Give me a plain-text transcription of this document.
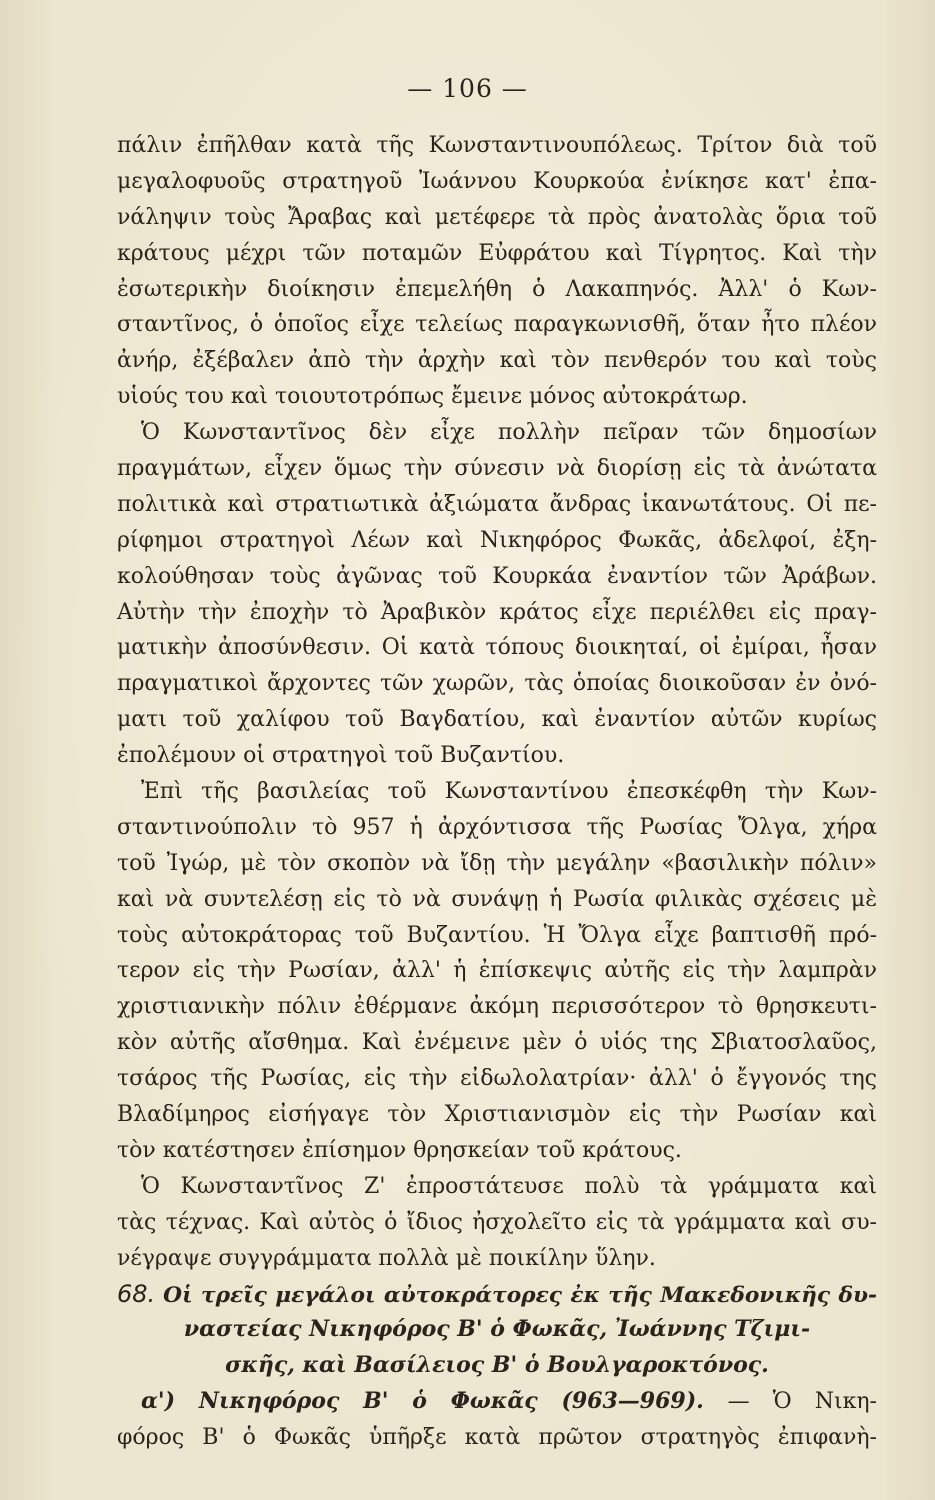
— 106 —
πάλιν ἐπῆλθαν κατὰ τῆς Κωνσταντινουπόλεως. Τρίτον διὰ τοῦ
μεγαλοφυοῦς στρατηγοῦ Ἰωάννου Κουρκούα ἐνίκησε κατ' ἐπα-
νάληψιν τοὺς Ἄραβας καὶ μετέφερε τὰ πρὸς ἀνατολὰς ὅρια τοῦ
κράτους μέχρι τῶν ποταμῶν Εὐφράτου καὶ Τίγρητος. Καὶ τὴν
ἐσωτερικὴν διοίκησιν ἐπεμελήθη ὁ Λακαπηνός. Ἀλλ' ὁ Κων-
σταντῖνος, ὁ ὁποῖος εἶχε τελείως παραγκωνισθῆ, ὅταν ἦτο πλέον
ἀνήρ, ἐξέβαλεν ἀπὸ τὴν ἀρχὴν καὶ τὸν πενθερόν του καὶ τοὺς
υἱούς του καὶ τοιουτοτρόπως ἔμεινε μόνος αὐτοκράτωρ.
Ὁ Κωνσταντῖνος δὲν εἶχε πολλὴν πεῖραν τῶν δημοσίων
πραγμάτων, εἶχεν ὅμως τὴν σύνεσιν νὰ διορίσῃ εἰς τὰ ἀνώτατα
πολιτικὰ καὶ στρατιωτικὰ ἀξιώματα ἄνδρας ἱκανωτάτους. Οἱ πε-
ρίφημοι στρατηγοὶ Λέων καὶ Νικηφόρος Φωκᾶς, ἀδελφοί, ἐξη-
κολούθησαν τοὺς ἀγῶνας τοῦ Κουρκάα ἐναντίον τῶν Ἀράβων.
Αὐτὴν τὴν ἐποχὴν τὸ Ἀραβικὸν κράτος εἶχε περιέλθει εἰς πραγ-
ματικὴν ἀποσύνθεσιν. Οἱ κατὰ τόπους διοικηταί, οἱ ἐμίραι, ἦσαν
πραγματικοὶ ἄρχοντες τῶν χωρῶν, τὰς ὁποίας διοικοῦσαν ἐν ὀνό-
ματι τοῦ χαλίφου τοῦ Βαγδατίου, καὶ ἐναντίον αὐτῶν κυρίως
ἐπολέμουν οἱ στρατηγοὶ τοῦ Βυζαντίου.
Ἐπὶ τῆς βασιλείας τοῦ Κωνσταντίνου ἐπεσκέφθη τὴν Κων-
σταντινούπολιν τὸ 957 ἡ ἀρχόντισσα τῆς Ρωσίας Ὄλγα, χήρα
τοῦ Ἰγώρ, μὲ τὸν σκοπὸν νὰ ἴδῃ τὴν μεγάλην «βασιλικὴν πόλιν»
καὶ νὰ συντελέσῃ εἰς τὸ νὰ συνάψῃ ἡ Ρωσία φιλικὰς σχέσεις μὲ
τοὺς αὐτοκράτορας τοῦ Βυζαντίου. Ἡ Ὄλγα εἶχε βαπτισθῆ πρό-
τερον εἰς τὴν Ρωσίαν, ἀλλ' ἡ ἐπίσκεψις αὐτῆς εἰς τὴν λαμπρὰν
χριστιανικὴν πόλιν ἐθέρμανε ἀκόμη περισσότερον τὸ θρησκευτι-
κὸν αὐτῆς αἴσθημα. Καὶ ἐνέμεινε μὲν ὁ υἱός της Σβιατοσλαῦος,
τσάρος τῆς Ρωσίας, εἰς τὴν εἰδωλολατρίαν· ἀλλ' ὁ ἔγγονός της
Βλαδίμηρος εἰσήγαγε τὸν Χριστιανισμὸν εἰς τὴν Ρωσίαν καὶ
τὸν κατέστησεν ἐπίσημον θρησκείαν τοῦ κράτους.
Ὁ Κωνσταντῖνος Ζ' ἐπροστάτευσε πολὺ τὰ γράμματα καὶ
τὰς τέχνας. Καὶ αὐτὸς ὁ ἴδιος ἠσχολεῖτο εἰς τὰ γράμματα καὶ συ-
νέγραψε συγγράμματα πολλὰ μὲ ποικίλην ὕλην.
68. Οἱ τρεῖς μεγάλοι αὐτοκράτορες ἐκ τῆς Μακεδονικῆς δυ-
ναστείας Νικηφόρος Β' ὁ Φωκᾶς, Ἰωάννης Τζιμι-
σκῆς, καὶ Βασίλειος Β' ὁ Βουλγαροκτόνος.
α') Νικηφόρος Β' ὁ Φωκᾶς (963—969). — Ὁ Νικη-
φόρος Β' ὁ Φωκᾶς ὑπῆρξε κατὰ πρῶτον στρατηγὸς ἐπιφανὴ-
